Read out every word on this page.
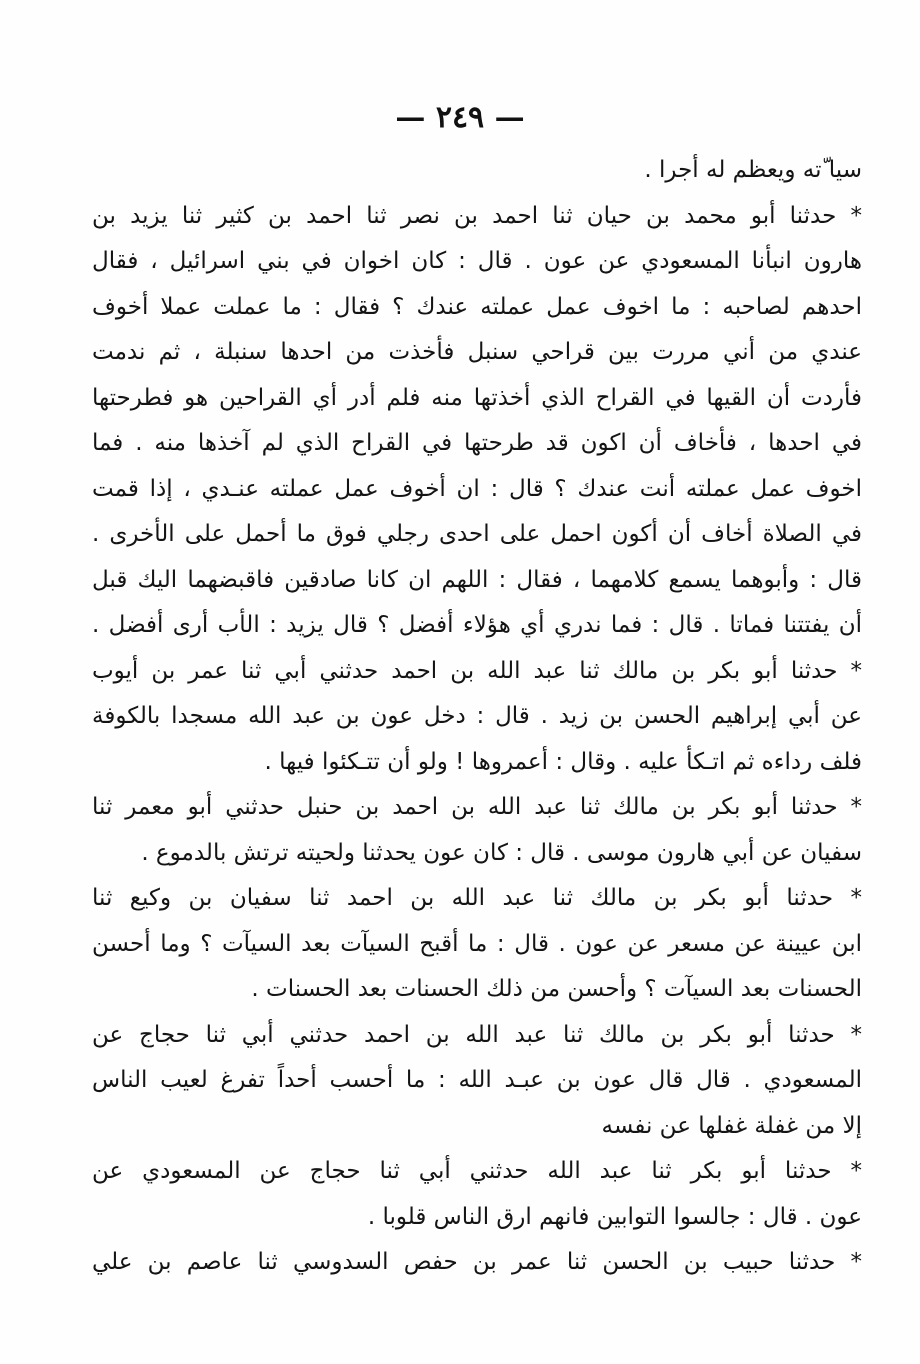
— ٢٤٩ —
سيا ّته ويعظم له أجرا .
* حدثنا أبو محمد بن حيان ثنا احمد بن نصر ثنا احمد بن كثير ثنا يزيد بن
هارون انبأنا المسعودي عن عون . قال : كان اخوان في بني اسرائيل ، فقال
احدهم لصاحبه : ما اخوف عمل عملته عندك ؟ فقال : ما عملت عملا أخوف
عندي من أني مررت بين قراحي سنبل فأخذت من احدها سنبلة ، ثم ندمت
فأردت أن القيها في القراح الذي أخذتها منه فلم أدر أي القراحين هو فطرحتها
في احدها ، فأخاف أن اكون قد طرحتها في القراح الذي لم آخذها منه . فما
اخوف عمل عملته أنت عندك ؟ قال : ان أخوف عمل عملته عنـدي ، إذا قمت
في الصلاة أخاف أن أكون احمل على احدى رجلي فوق ما أحمل على الأخرى .
قال : وأبوهما يسمع كلامهما ، فقال : اللهم ان كانا صادقين فاقبضهما اليك قبل
أن يفتتنا فماتا . قال : فما ندري أي هؤلاء أفضل ؟ قال يزيد : الأب أرى أفضل .
* حدثنا أبو بكر بن مالك ثنا عبد الله بن احمد حدثني أبي ثنا عمر بن أيوب
عن أبي إبراهيم الحسن بن زيد . قال : دخل عون بن عبد الله مسجدا بالكوفة
فلف رداءه ثم اتـكأ عليه . وقال : أعمروها ! ولو أن تتـكئوا فيها .
* حدثنا أبو بكر بن مالك ثنا عبد الله بن احمد بن حنبل حدثني أبو معمر ثنا
سفيان عن أبي هارون موسى . قال : كان عون يحدثنا ولحيته ترتش بالدموع .
* حدثنا أبو بكر بن مالك ثنا عبد الله بن احمد ثنا سفيان بن وكيع ثنا
ابن عيينة عن مسعر عن عون . قال : ما أقبح السيآت بعد السيآت ؟ وما أحسن
الحسنات بعد السيآت ؟ وأحسن من ذلك الحسنات بعد الحسنات .
* حدثنا أبو بكر بن مالك ثنا عبد الله بن احمد حدثني أبي ثنا حجاج عن
المسعودي . قال قال عون بن عبـد الله : ما أحسب أحداً تفرغ لعيب الناس
إلا من غفلة غفلها عن نفسه
* حدثنا أبو بكر ثنا عبد الله حدثني أبي ثنا حجاج عن المسعودي عن
عون . قال : جالسوا التوابين فانهم ارق الناس قلوبا .
* حدثنا حبيب بن الحسن ثنا عمر بن حفص السدوسي ثنا عاصم بن علي
